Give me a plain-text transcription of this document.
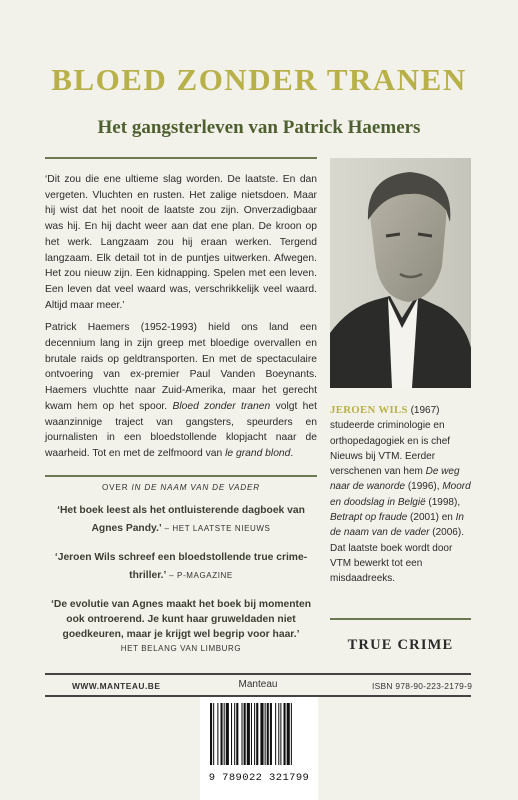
BLOED ZONDER TRANEN
Het gangsterleven van Patrick Haemers

‘Dit zou die ene ultieme slag worden. De laatste. En dan vergeten. Vluchten en rusten. Het zalige nietsdoen. Maar hij wist dat het nooit de laatste zou zijn. Onverzadigbaar was hij. En hij dacht weer aan dat ene plan. De kroon op het werk. Langzaam zou hij eraan werken. Tergend langzaam. Elk detail tot in de puntjes uitwerken. Afwegen. Het zou nieuw zijn. Een kidnapping. Spelen met een leven. Een leven dat veel waard was, verschrikkelijk veel waard. Altijd maar meer.’

Patrick Haemers (1952-1993) hield ons land een decennium lang in zijn greep met bloedige overvallen en brutale raids op geldtransporten. En met de spectaculaire ontvoering van ex-premier Paul Vanden Boeynants. Haemers vluchtte naar Zuid-Amerika, maar het gerecht kwam hem op het spoor. Bloed zonder tranen volgt het waanzinnige traject van gangsters, speurders en journalisten in een bloedstollende klopjacht naar de waarheid. Tot en met de zelfmoord van le grand blond.

JEROEN WILS (1967) studeerde criminologie en orthopedagogiek en is chef Nieuws bij VTM. Eerder verschenen van hem De weg naar de wanorde (1996), Moord en doodslag in België (1998), Betrapt op fraude (2001) en In de naam van de vader (2006). Dat laatste boek wordt door VTM bewerkt tot een misdaadreeks.
OVER IN DE NAAM VAN DE VADER
‘Het boek leest als het ontluisterende dagboek van Agnes Pandy.’ – HET LAATSTE NIEUWS
‘Jeroen Wils schreef een bloedstollende true crime-thriller.’ – P-MAGAZINE
‘De evolutie van Agnes maakt het boek bij momenten ook ontroerend. Je kunt haar gruweldaden niet goedkeuren, maar je krijgt wel begrip voor haar.’
HET BELANG VAN LIMBURG	TRUE CRIME
WWW.MANTEAU.BE	Manteau	ISBN 978-90-223-2179-9
9 789022 321799
